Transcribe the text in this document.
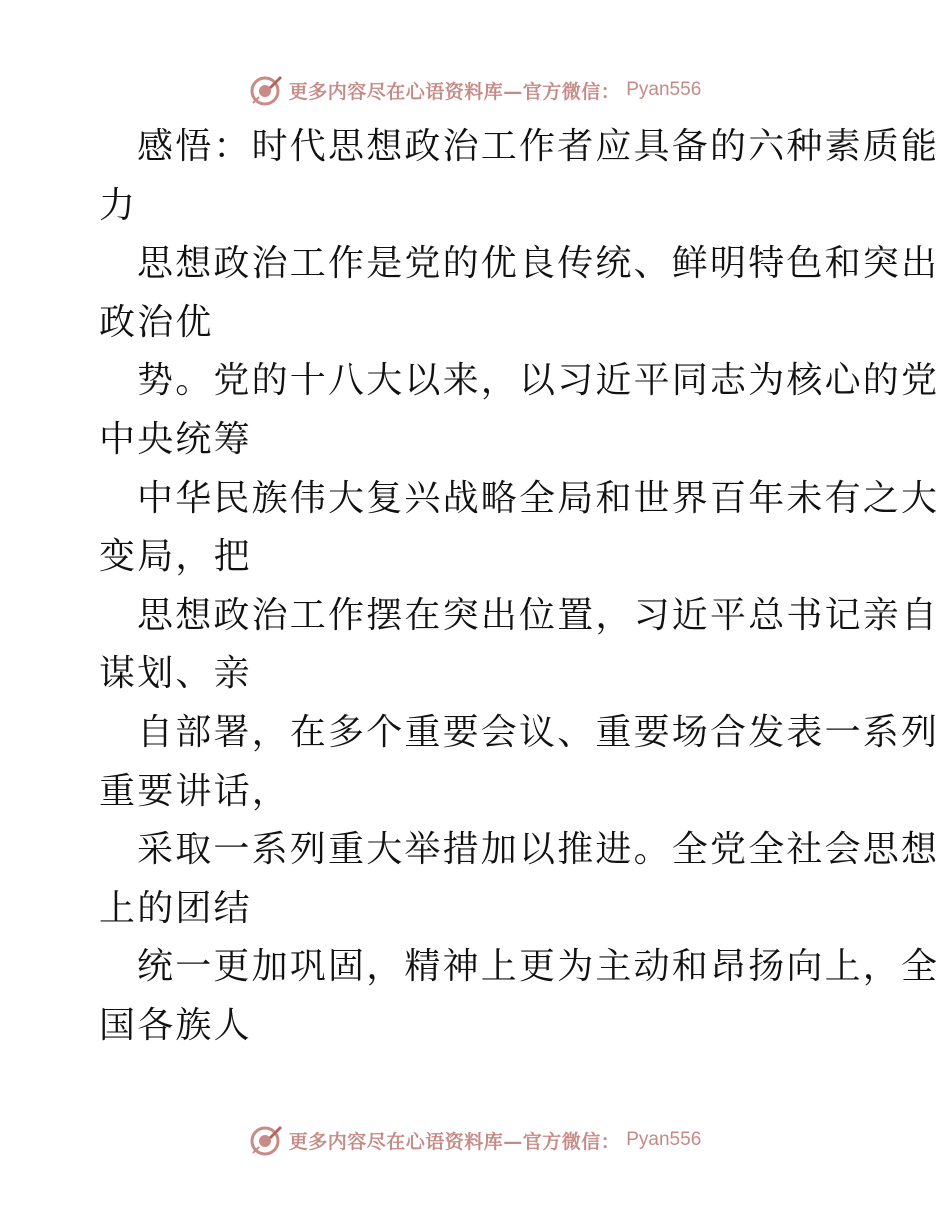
更多内容尽在心语资料库—官方微信： Pyan556
感悟：时代思想政治工作者应具备的六种素质能
力
思想政治工作是党的优良传统、鲜明特色和突出
政治优
势。党的十八大以来，以习近平同志为核心的党
中央统筹
中华民族伟大复兴战略全局和世界百年未有之大
变局，把
思想政治工作摆在突出位置，习近平总书记亲自
谋划、亲
自部署，在多个重要会议、重要场合发表一系列
重要讲话，
采取一系列重大举措加以推进。全党全社会思想
上的团结
统一更加巩固，精神上更为主动和昂扬向上，全
国各族人
更多内容尽在心语资料库—官方微信： Pyan556
